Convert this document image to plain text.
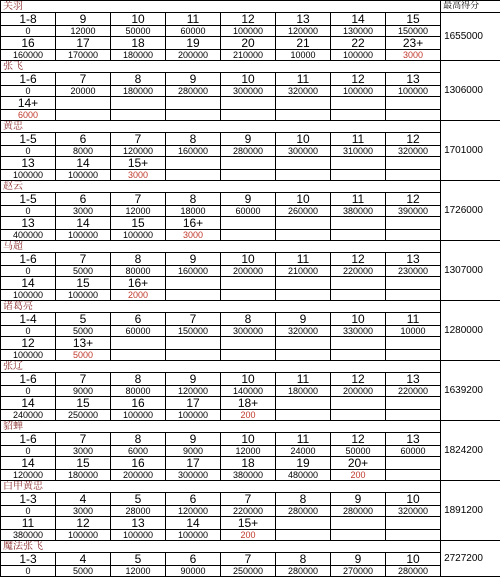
关羽								最高得分
1-8	9	10	11	12	13	14	15	1655000
0	12000	50000	60000	100000	120000	130000	150000	
16	17	18	19	20	21	22	23+	
160000	170000	180000	200000	210000	10000	100000	3000	
张飞								1306000
1-6	7	8	9	10	11	12	13	
0	20000	180000	280000	300000	320000	100000	100000	
14+								
6000								
黄忠								1701000
1-5	6	7	8	9	10	11	12	
0	8000	120000	160000	280000	300000	310000	320000	
13	14	15+						
100000	100000	3000						
赵云								1726000
1-5	6	7	8	9	10	11	12	
0	3000	12000	18000	60000	260000	380000	390000	
13	14	15	16+					
400000	100000	100000	3000					
马超								1307000
1-6	7	8	9	10	11	12	13	
0	5000	80000	160000	200000	210000	220000	230000	
14	15	16+						
100000	100000	2000						
诸葛亮								1280000
1-4	5	6	7	8	9	10	11	
0	5000	60000	150000	300000	320000	330000	10000	
12	13+							
100000	5000							
张辽								1639200
1-6	7	8	9	10	11	12	13	
0	9000	80000	120000	140000	180000	200000	220000	
14	15	16	17	18+				
240000	250000	100000	100000	200				
貂蝉								1824200
1-6	7	8	9	10	11	12	13	
0	3000	6000	9000	12000	24000	50000	60000	
14	15	16	17	18	19	20+		
120000	180000	200000	300000	380000	480000	200		
白甲黄忠								1891200
1-3	4	5	6	7	8	9	10	
0	3000	28000	120000	220000	280000	280000	320000	
11	12	13	14	15+				
380000	100000	100000	100000	200				
魔法张飞								2727200
1-3	4	5	6	7	8	9	10	
0	5000	12000	90000	250000	280000	270000	280000	
